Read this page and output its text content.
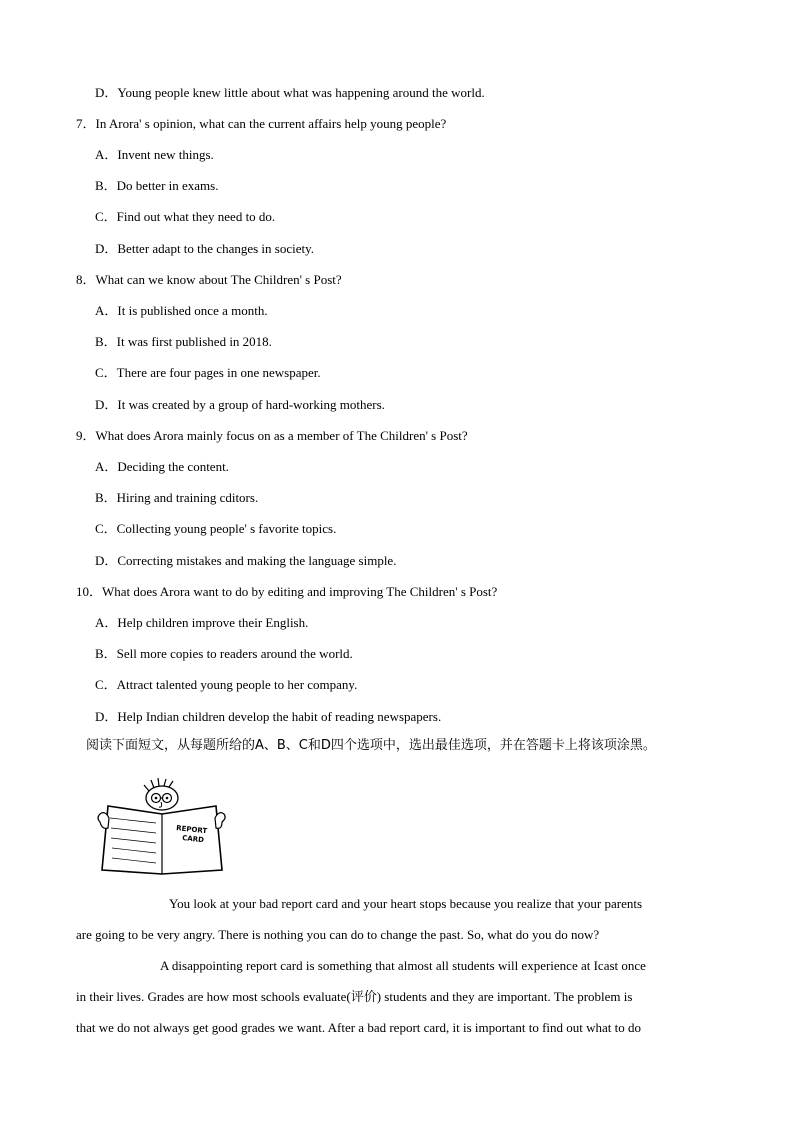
D．Young people knew little about what was happening around the world.
7．In Arora' s opinion, what can the current affairs help young people?
A．Invent new things.
B．Do better in exams.
C．Find out what they need to do.
D．Better adapt to the changes in society.
8．What can we know about The Children' s Post?
A．It is published once a month.
B．It was first published in 2018.
C．There are four pages in one newspaper.
D．It was created by a group of hard-working mothers.
9．What does Arora mainly focus on as a member of The Children' s Post?
A．Deciding the content.
B．Hiring and training cditors.
C．Collecting young people' s favorite topics.
D．Correcting mistakes and making the language simple.
10．What does Arora want to do by editing and improving The Children' s Post?
A．Help children improve their English.
B．Sell more copies to readers around the world.
C．Attract talented young people to her company.
D．Help Indian children develop the habit of reading newspapers.
阅读下面短文，从每题所给的A、B、C和D四个选项中，选出最佳选项，并在答题卡上将该项涂黑。
REPORT
CARD
You look at your bad report card and your heart stops because you realize that your parents
are going to be very angry. There is nothing you can do to change the past. So, what do you do now?
A disappointing report card is something that almost all students will experience at Icast once
in their lives. Grades are how most schools evaluate(评价) students and they are important. The problem is
that we do not always get good grades we want. After a bad report card, it is important to find out what to do
